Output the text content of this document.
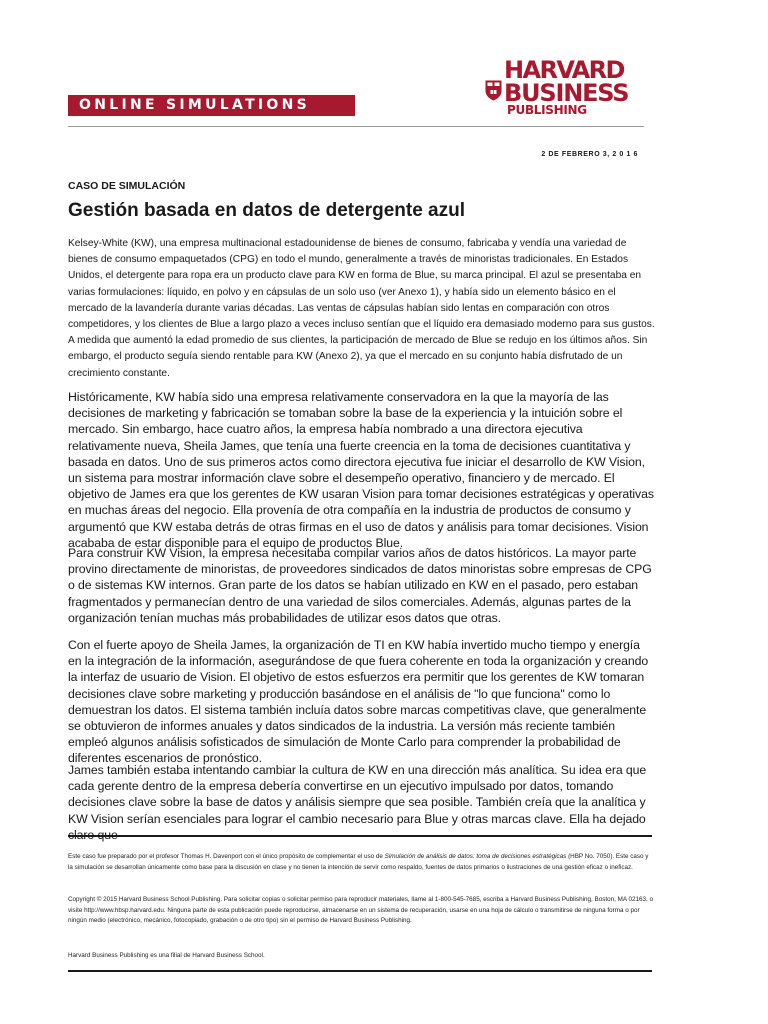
ONLINE SIMULATIONS
HARVARD
BUSINESS
PUBLISHING
2 DE FEBRERO 3, 2 0 1 6
CASO DE SIMULACIÓN
Gestión basada en datos de detergente azul

Kelsey-White (KW), una empresa multinacional estadounidense de bienes de consumo, fabricaba y vendía una variedad de bienes de consumo empaquetados (CPG) en todo el mundo, generalmente a través de minoristas tradicionales. En Estados Unidos, el detergente para ropa era un producto clave para KW en forma de Blue, su marca principal. El azul se presentaba en varias formulaciones: líquido, en polvo y en cápsulas de un solo uso (ver Anexo 1), y había sido un elemento básico en el mercado de la lavandería durante varias décadas. Las ventas de cápsulas habían sido lentas en comparación con otros competidores, y los clientes de Blue a largo plazo a veces incluso sentían que el líquido era demasiado moderno para sus gustos. A medida que aumentó la edad promedio de sus clientes, la participación de mercado de Blue se redujo en los últimos años. Sin embargo, el producto seguía siendo rentable para KW (Anexo 2), ya que el mercado en su conjunto había disfrutado de un crecimiento constante.

Históricamente, KW había sido una empresa relativamente conservadora en la que la mayoría de las decisiones de marketing y fabricación se tomaban sobre la base de la experiencia y la intuición sobre el mercado. Sin embargo, hace cuatro años, la empresa había nombrado a una directora ejecutiva relativamente nueva, Sheila James, que tenía una fuerte creencia en la toma de decisiones cuantitativa y basada en datos. Uno de sus primeros actos como directora ejecutiva fue iniciar el desarrollo de KW Vision, un sistema para mostrar información clave sobre el desempeño operativo, financiero y de mercado. El objetivo de James era que los gerentes de KW usaran Vision para tomar decisiones estratégicas y operativas en muchas áreas del negocio. Ella provenía de otra compañía en la industria de productos de consumo y argumentó que KW estaba detrás de otras firmas en el uso de datos y análisis para tomar decisiones. Vision acababa de estar disponible para el equipo de productos Blue.

Para construir KW Vision, la empresa necesitaba compilar varios años de datos históricos. La mayor parte provino directamente de minoristas, de proveedores sindicados de datos minoristas sobre empresas de CPG o de sistemas KW internos. Gran parte de los datos se habían utilizado en KW en el pasado, pero estaban fragmentados y permanecían dentro de una variedad de silos comerciales. Además, algunas partes de la organización tenían muchas más probabilidades de utilizar esos datos que otras.

Con el fuerte apoyo de Sheila James, la organización de TI en KW había invertido mucho tiempo y energía en la integración de la información, asegurándose de que fuera coherente en toda la organización y creando la interfaz de usuario de Vision. El objetivo de estos esfuerzos era permitir que los gerentes de KW tomaran decisiones clave sobre marketing y producción basándose en el análisis de "lo que funciona" como lo demuestran los datos. El sistema también incluía datos sobre marcas competitivas clave, que generalmente se obtuvieron de informes anuales y datos sindicados de la industria. La versión más reciente también empleó algunos análisis sofisticados de simulación de Monte Carlo para comprender la probabilidad de diferentes escenarios de pronóstico.

James también estaba intentando cambiar la cultura de KW en una dirección más analítica. Su idea era que cada gerente dentro de la empresa debería convertirse en un ejecutivo impulsado por datos, tomando decisiones clave sobre la base de datos y análisis siempre que sea posible. También creía que la analítica y KW Vision serían esenciales para lograr el cambio necesario para Blue y otras marcas clave. Ella ha dejado

Este caso fue preparado por el profesor Thomas H. Davenport con el único propósito de complementar el uso de Simulación de análisis de datos: toma de decisiones estratégicas (HBP No. 7050). Este caso y la simulación se desarrollan únicamente como base para la discusión en clase y no tienen la intención de servir como respaldo, fuentes de datos primarios o ilustraciones de una gestión eficaz o ineficaz.

Copyright © 2015 Harvard Business School Publishing. Para solicitar copias o solicitar permiso para reproducir materiales, llame al 1-800-545-7685, escriba a Harvard Business Publishing, Boston, MA 02163, o visite http://www.hbsp.harvard.edu. Ninguna parte de esta publicación puede reproducirse, almacenarse en un sistema de recuperación, usarse en una hoja de cálculo o transmitirse de ninguna forma o por ningún medio (electrónico, mecánico, fotocopiado, grabación o de otro tipo) sin el permiso de Harvard Business Publishing.

Harvard Business Publishing es una filial de Harvard Business School.
